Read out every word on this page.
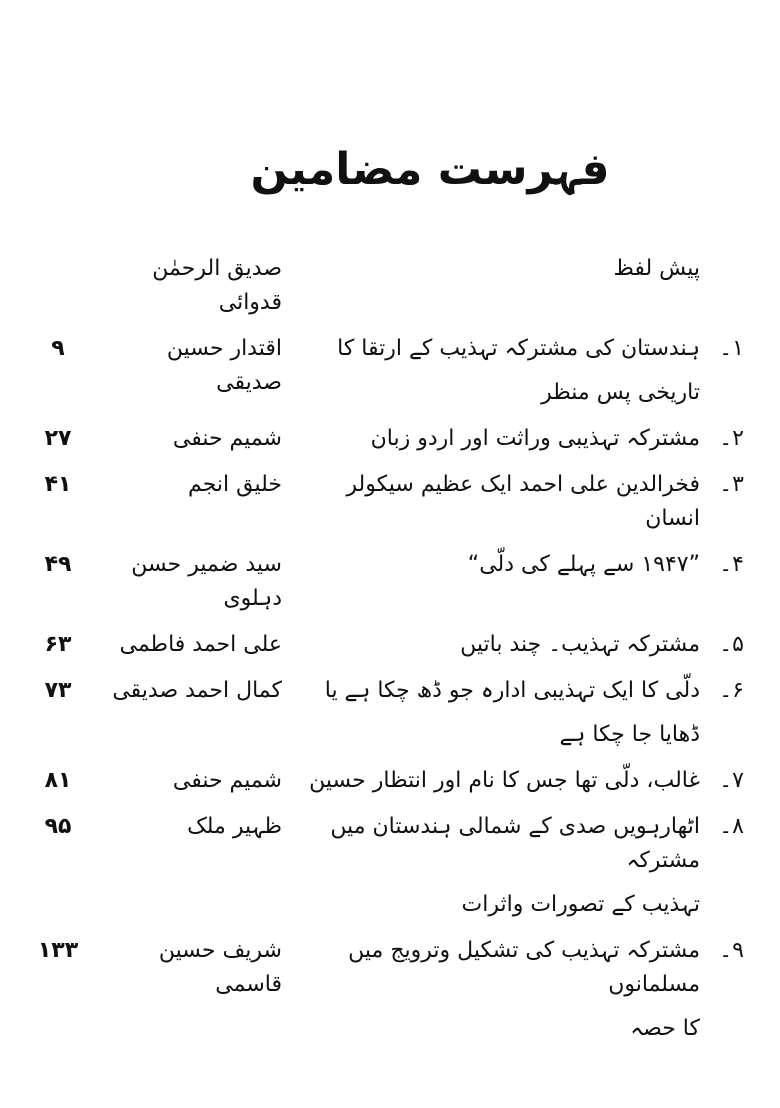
فہرست مضامین
پیش لفظ
صدیق الرحمٰن قدوائی
۱۔
ہندستان کی مشترکہ تہذیب کے ارتقا کا
تاریخی پس منظر
اقتدار حسین صدیقی
۹
۲۔
مشترکہ تہذیبی وراثت اور اردو زبان
شمیم حنفی
۲۷
۳۔
فخرالدین علی احمد ایک عظیم سیکولر انسان
خلیق انجم
۴۱
۴۔
”۱۹۴۷ سے پہلے کی دلّی“
سید ضمیر حسن دہلوی
۴۹
۵۔
مشترکہ تہذیب۔ چند باتیں
علی احمد فاطمی
۶۳
۶۔
دلّی کا ایک تہذیبی ادارہ جو ڈھ چکا ہے یا
ڈھایا جا چکا ہے
کمال احمد صدیقی
۷۳
۷۔
غالب، دلّی تھا جس کا نام اور انتظار حسین
شمیم حنفی
۸۱
۸۔
اٹھارہویں صدی کے شمالی ہندستان میں مشترکہ
تہذیب کے تصورات واثرات
ظہیر ملک
۹۵
۹۔
مشترکہ تہذیب کی تشکیل وترویج میں مسلمانوں
کا حصہ
شریف حسین قاسمی
۱۳۳
